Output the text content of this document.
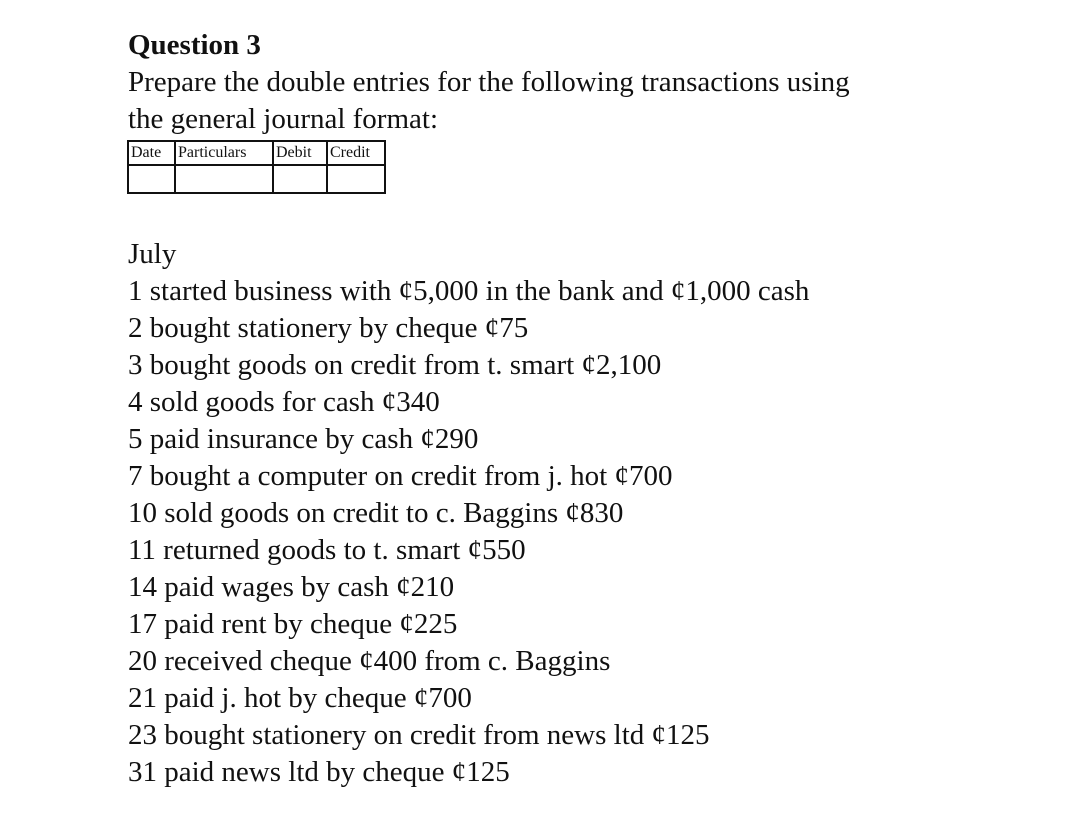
Question 3

Prepare the double entries for the following transactions using
the general journal format:

Date	Particulars	Debit	Credit

July
1 started business with ¢5,000 in the bank and ¢1,000 cash
2 bought stationery by cheque ¢75
3 bought goods on credit from t. smart ¢2,100
4 sold goods for cash ¢340
5 paid insurance by cash ¢290
7 bought a computer on credit from j. hot ¢700
10 sold goods on credit to c. Baggins ¢830
11 returned goods to t. smart ¢550
14 paid wages by cash ¢210
17 paid rent by cheque ¢225
20 received cheque ¢400 from c. Baggins
21 paid j. hot by cheque ¢700
23 bought stationery on credit from news ltd ¢125
31 paid news ltd by cheque ¢125
